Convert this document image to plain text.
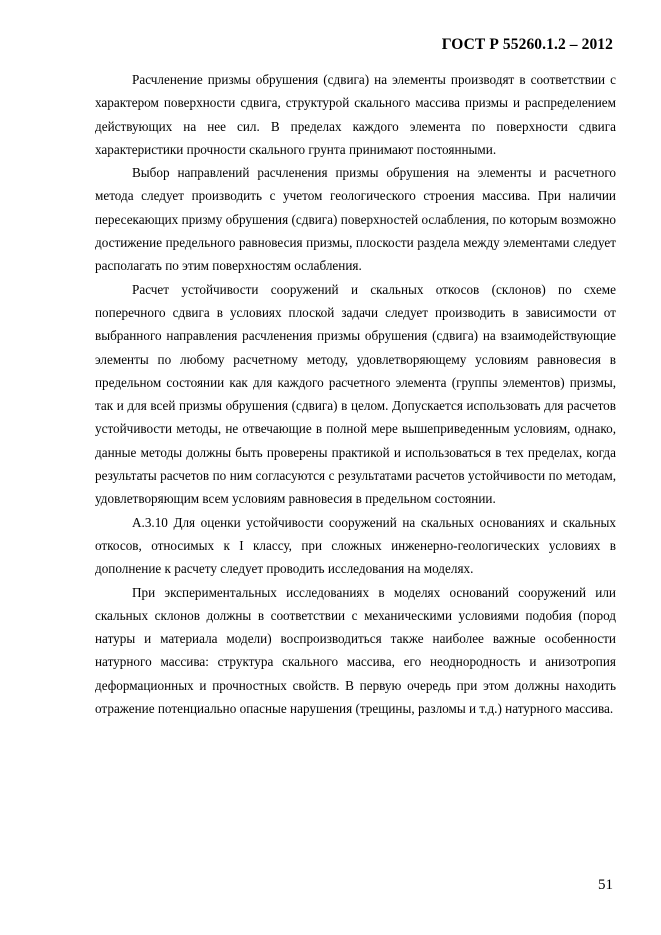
ГОСТ Р 55260.1.2 – 2012

Расчленение призмы обрушения (сдвига) на элементы производят в соответствии с характером поверхности сдвига, структурой скального массива призмы и распределением действующих на нее сил. В пределах каждого элемента по поверхности сдвига характеристики прочности скального грунта принимают постоянными.

Выбор направлений расчленения призмы обрушения на элементы и расчетного метода следует производить с учетом геологического строения массива. При наличии пересекающих призму обрушения (сдвига) поверхностей ослабления, по которым возможно достижение предельного равновесия призмы, плоскости раздела между элементами следует располагать по этим поверхностям ослабления.

Расчет устойчивости сооружений и скальных откосов (склонов) по схеме поперечного сдвига в условиях плоской задачи следует производить в зависимости от выбранного направления расчленения призмы обрушения (сдвига) на взаимодействующие элементы по любому расчетному методу, удовлетворяющему условиям равновесия в предельном состоянии как для каждого расчетного элемента (группы элементов) призмы, так и для всей призмы обрушения (сдвига) в целом. Допускается использовать для расчетов устойчивости методы, не отвечающие в полной мере вышеприведенным условиям, однако, данные методы должны быть проверены практикой и использоваться в тех пределах, когда результаты расчетов по ним согласуются с результатами расчетов устойчивости по методам, удовлетворяющим всем условиям равновесия в предельном состоянии.

А.3.10 Для оценки устойчивости сооружений на скальных основаниях и скальных откосов, относимых к I классу, при сложных инженерно-геологических условиях в дополнение к расчету следует проводить исследования на моделях.

При экспериментальных исследованиях в моделях оснований сооружений или скальных склонов должны в соответствии с механическими условиями подобия (пород натуры и материала модели) воспроизводиться также наиболее важные особенности натурного массива: структура скального массива, его неоднородность и анизотропия деформационных и прочностных свойств. В первую очередь при этом должны находить отражение потенциально опасные нарушения (трещины, разломы и т.д.) натурного массива.

51
